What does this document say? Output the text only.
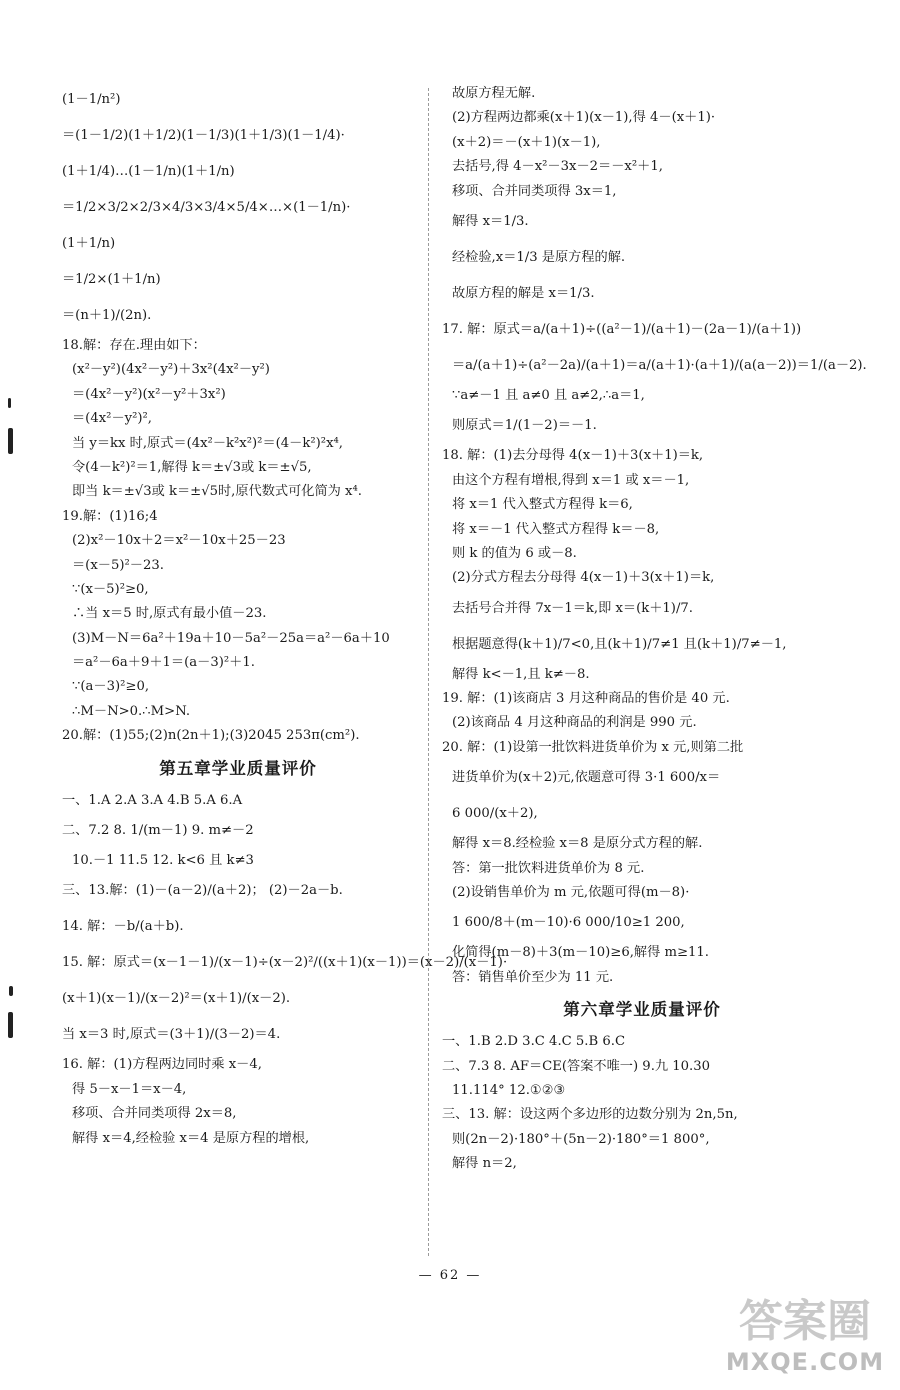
(1－1/n²)
＝(1－1/2)(1＋1/2)(1－1/3)(1＋1/3)(1－1/4)·
(1＋1/4)…(1－1/n)(1＋1/n)
＝1/2×3/2×2/3×4/3×3/4×5/4×…×(1－1/n)·
(1＋1/n)
＝1/2×(1＋1/n)
＝(n＋1)/(2n).
18.解：存在.理由如下：
(x²－y²)(4x²－y²)＋3x²(4x²－y²)
＝(4x²－y²)(x²－y²＋3x²)
＝(4x²－y²)²,
当 y＝kx 时,原式＝(4x²－k²x²)²＝(4－k²)²x⁴,
令(4－k²)²＝1,解得 k＝±√3或 k＝±√5,
即当 k＝±√3或 k＝±√5时,原代数式可化简为 x⁴.
19.解：(1)16;4
(2)x²－10x＋2＝x²－10x＋25－23
＝(x－5)²－23.
∵(x－5)²≥0,
∴当 x＝5 时,原式有最小值－23.
(3)M－N＝6a²＋19a＋10－5a²－25a＝a²－6a＋10
＝a²－6a＋9＋1＝(a－3)²＋1.
∵(a－3)²≥0,
∴M－N>0.∴M>N.
20.解：(1)55;(2)n(2n＋1);(3)2045 253π(cm²).
第五章学业质量评价
一、1.A 2.A 3.A 4.B 5.A 6.A
二、7.2 8. 1/(m－1) 9. m≠－2
10.－1 11.5 12. k<6 且 k≠3
三、13.解：(1)－(a－2)/(a＋2)； (2)－2a－b.
14. 解：－b/(a＋b).
15. 解：原式＝(x－1－1)/(x－1)÷(x－2)²/((x＋1)(x－1))＝(x－2)/(x－1)·
(x＋1)(x－1)/(x－2)²＝(x＋1)/(x－2).
当 x＝3 时,原式＝(3＋1)/(3－2)＝4.
16. 解：(1)方程两边同时乘 x－4,
得 5－x－1＝x－4,
移项、合并同类项得 2x＝8,
解得 x＝4,经检验 x＝4 是原方程的增根,
故原方程无解.
(2)方程两边都乘(x＋1)(x－1),得 4－(x＋1)·
(x＋2)＝－(x＋1)(x－1),
去括号,得 4－x²－3x－2＝－x²＋1,
移项、合并同类项得 3x＝1,
解得 x＝1/3.
经检验,x＝1/3 是原方程的解.
故原方程的解是 x＝1/3.
17. 解：原式＝a/(a＋1)÷((a²－1)/(a＋1)－(2a－1)/(a＋1))
＝a/(a＋1)÷(a²－2a)/(a＋1)＝a/(a＋1)·(a＋1)/(a(a－2))＝1/(a－2).
∵a≠－1 且 a≠0 且 a≠2,∴a＝1,
则原式＝1/(1－2)＝－1.
18. 解：(1)去分母得 4(x－1)＋3(x＋1)＝k,
由这个方程有增根,得到 x＝1 或 x＝－1,
将 x＝1 代入整式方程得 k＝6,
将 x＝－1 代入整式方程得 k＝－8,
则 k 的值为 6 或－8.
(2)分式方程去分母得 4(x－1)＋3(x＋1)＝k,
去括号合并得 7x－1＝k,即 x＝(k＋1)/7.
根据题意得(k＋1)/7<0,且(k＋1)/7≠1 且(k＋1)/7≠－1,
解得 k<－1,且 k≠－8.
19. 解：(1)该商店 3 月这种商品的售价是 40 元.
(2)该商品 4 月这种商品的利润是 990 元.
20. 解：(1)设第一批饮料进货单价为 x 元,则第二批
进货单价为(x＋2)元,依题意可得 3·1 600/x＝
6 000/(x＋2),
解得 x＝8.经检验 x＝8 是原分式方程的解.
答：第一批饮料进货单价为 8 元.
(2)设销售单价为 m 元,依题可得(m－8)·
1 600/8＋(m－10)·6 000/10≥1 200,
化简得(m－8)＋3(m－10)≥6,解得 m≥11.
答：销售单价至少为 11 元.
第六章学业质量评价
一、1.B 2.D 3.C 4.C 5.B 6.C
二、7.3 8. AF＝CE(答案不唯一) 9.九 10.30
11.114° 12.①②③
三、13. 解：设这两个多边形的边数分别为 2n,5n,
则(2n－2)·180°＋(5n－2)·180°＝1 800°,
解得 n＝2,
— 62 —
答案圈
MXQE.COM
